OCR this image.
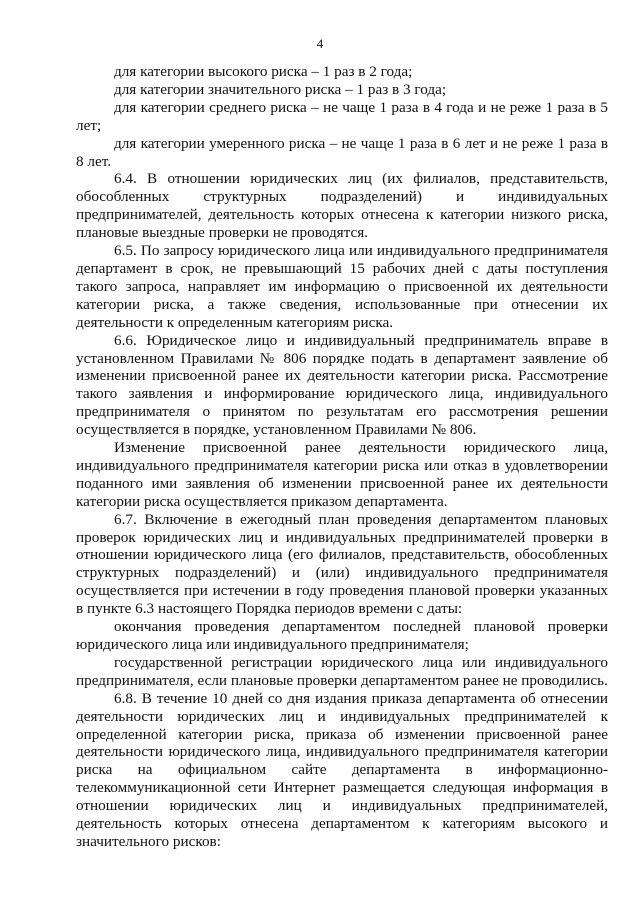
4

для категории высокого риска – 1 раз в 2 года;

для категории значительного риска – 1 раз в 3 года;

для категории среднего риска – не чаще 1 раза в 4 года и не реже 1 раза в 5 лет;

для категории умеренного риска – не чаще 1 раза в 6 лет и не реже 1 раза в 8 лет.

6.4. В отношении юридических лиц (их филиалов, представительств, обособленных структурных подразделений) и индивидуальных предпринимателей, деятельность которых отнесена к категории низкого риска, плановые выездные проверки не проводятся.

6.5. По запросу юридического лица или индивидуального предпринимателя департамент в срок, не превышающий 15 рабочих дней с даты поступления такого запроса, направляет им информацию о присвоенной их деятельности категории риска, а также сведения, использованные при отнесении их деятельности к определенным категориям риска.

6.6. Юридическое лицо и индивидуальный предприниматель вправе в установленном Правилами № 806 порядке подать в департамент заявление об изменении присвоенной ранее их деятельности категории риска. Рассмотрение такого заявления и информирование юридического лица, индивидуального предпринимателя о принятом по результатам его рассмотрения решении осуществляется в порядке, установленном Правилами № 806.

Изменение присвоенной ранее деятельности юридического лица, индивидуального предпринимателя категории риска или отказ в удовлетворении поданного ими заявления об изменении присвоенной ранее их деятельности категории риска осуществляется приказом департамента.

6.7. Включение в ежегодный план проведения департаментом плановых проверок юридических лиц и индивидуальных предпринимателей проверки в отношении юридического лица (его филиалов, представительств, обособленных структурных подразделений) и (или) индивидуального предпринимателя осуществляется при истечении в году проведения плановой проверки указанных в пункте 6.3 настоящего Порядка периодов времени с даты:

окончания проведения департаментом последней плановой проверки юридического лица или индивидуального предпринимателя;

государственной регистрации юридического лица или индивидуального предпринимателя, если плановые проверки департаментом ранее не проводились.

6.8. В течение 10 дней со дня издания приказа департамента об отнесении деятельности юридических лиц и индивидуальных предпринимателей к определенной категории риска, приказа об изменении присвоенной ранее деятельности юридического лица, индивидуального предпринимателя категории риска на официальном сайте департамента в информационно-телекоммуникационной сети Интернет размещается следующая информация в отношении юридических лиц и индивидуальных предпринимателей, деятельность которых отнесена департаментом к категориям высокого и значительного рисков:
